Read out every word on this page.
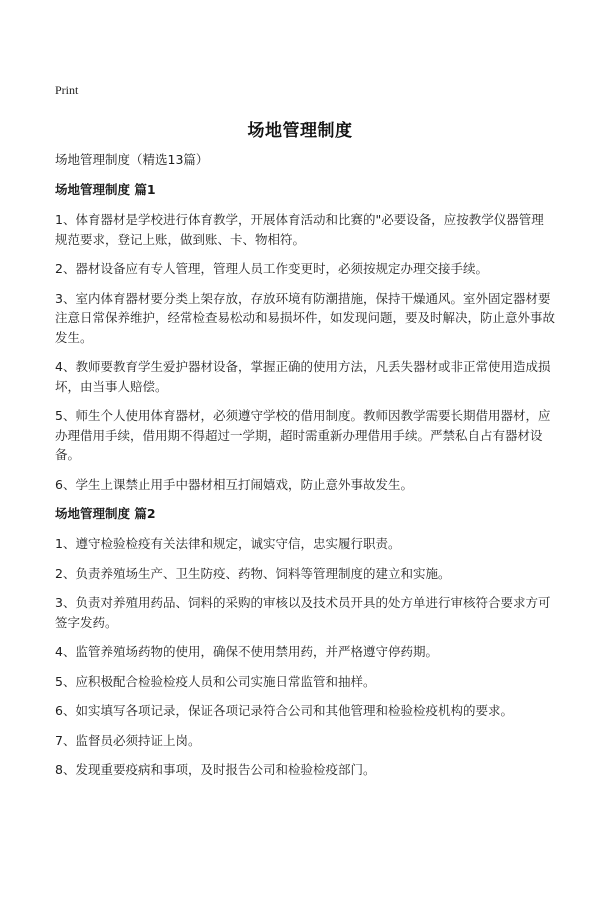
Print
场地管理制度
场地管理制度（精选13篇）
场地管理制度 篇1
1、体育器材是学校进行体育教学，开展体育活动和比赛的"必要设备，应按教学仪器管理规范要求，登记上账，做到账、卡、物相符。
2、器材设备应有专人管理，管理人员工作变更时，必须按规定办理交接手续。
3、室内体育器材要分类上架存放，存放环境有防潮措施，保持干燥通风。室外固定器材要注意日常保养维护，经常检查易松动和易损坏件，如发现问题，要及时解决，防止意外事故发生。
4、教师要教育学生爱护器材设备，掌握正确的使用方法，凡丢失器材或非正常使用造成损坏，由当事人赔偿。
5、师生个人使用体育器材，必须遵守学校的借用制度。教师因教学需要长期借用器材，应办理借用手续，借用期不得超过一学期，超时需重新办理借用手续。严禁私自占有器材设备。
6、学生上课禁止用手中器材相互打闹嬉戏，防止意外事故发生。
场地管理制度 篇2
1、遵守检验检疫有关法律和规定，诚实守信，忠实履行职责。
2、负责养殖场生产、卫生防疫、药物、饲料等管理制度的建立和实施。
3、负责对养殖用药品、饲料的采购的审核以及技术员开具的处方单进行审核符合要求方可签字发药。
4、监管养殖场药物的使用，确保不使用禁用药，并严格遵守停药期。
5、应积极配合检验检疫人员和公司实施日常监管和抽样。
6、如实填写各项记录，保证各项记录符合公司和其他管理和检验检疫机构的要求。
7、监督员必须持证上岗。
8、发现重要疫病和事项，及时报告公司和检验检疫部门。
